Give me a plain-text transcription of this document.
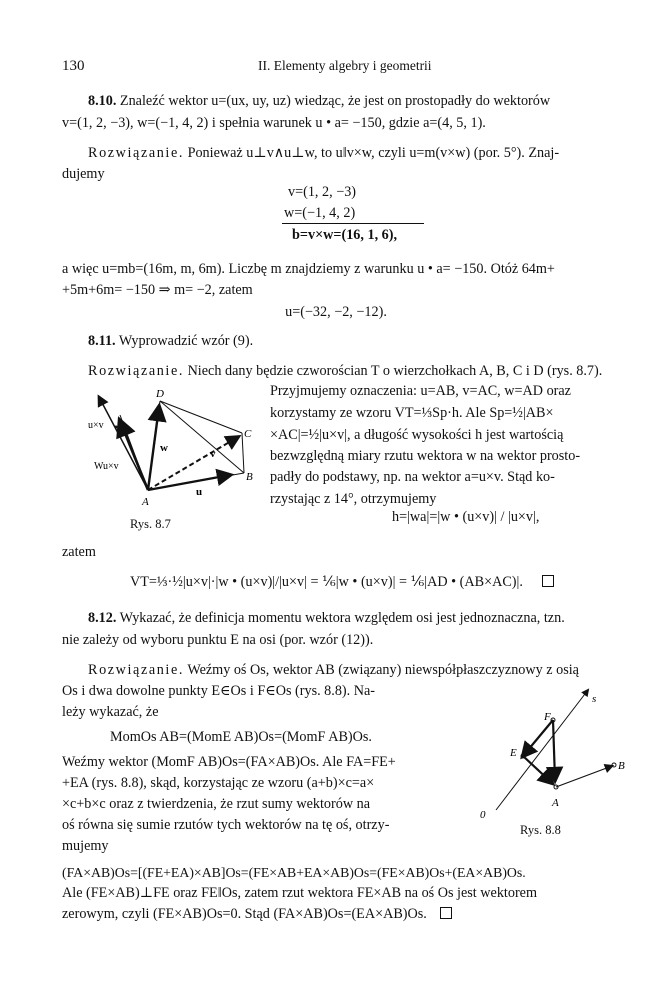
130	II. Elementy algebry i geometrii
8.10. Znaleźć wektor u=(ux, uy, uz) wiedząc, że jest on prostopadły do wektorów
v=(1, 2, −3), w=(−1, 4, 2) i spełnia warunek u • a= −150, gdzie a=(4, 5, 1).
Rozwiązanie. Ponieważ u⊥v∧u⊥w, to u‖v×w, czyli u=m(v×w) (por. 5°). Znaj-
dujemy
v=(1, 2, −3)
w=(−1, 4, 2)
b=v×w=(16, 1, 6),
a więc u=mb=(16m, m, 6m). Liczbę m znajdziemy z warunku u • a= −150. Otóż 64m+
+5m+6m= −150 ⇒ m= −2, zatem
u=(−32, −2, −12).
8.11. Wyprowadzić wzór (9).
Rozwiązanie. Niech dany będzie czworościan T o wierzchołkach A, B, C i D (rys. 8.7).
Przyjmujemy oznaczenia: u=AB, v=AC, w=AD oraz
korzystamy ze wzoru VT=⅓Sp·h. Ale Sp=½|AB×
×AC|=½|u×v|, a długość wysokości h jest wartością
bezwzględną miary rzutu wektora w na wektor prosto-
padły do podstawy, np. na wektor a=u×v. Stąd ko-
rzystając z 14°, otrzymujemy
h=|wa|=|w • (u×v)| / |u×v|,
u×v
Wu×v
w	v
u
A
B
C
D
Rys. 8.7
zatem
VT=⅓·½|u×v|·|w • (u×v)|/|u×v| = ⅙|w • (u×v)| = ⅙|AD • (AB×AC)|.
8.12. Wykazać, że definicja momentu wektora względem osi jest jednoznaczna, tzn.
nie zależy od wyboru punktu E na osi (por. wzór (12)).
Rozwiązanie. Weźmy oś Os, wektor AB (związany) niewspółpłaszczyznowy z osią
Os i dwa dowolne punkty E∈Os i F∈Os (rys. 8.8). Na-
leży wykazać, że
MomOs AB=(MomE AB)Os=(MomF AB)Os.
Weźmy wektor (MomF AB)Os=(FA×AB)Os. Ale FA=FE+
+EA (rys. 8.8), skąd, korzystając ze wzoru (a+b)×c=a×
×c+b×c oraz z twierdzenia, że rzut sumy wektorów na
oś równa się sumie rzutów tych wektorów na tę oś, otrzy-
mujemy
s
F
E
B
A
0
Rys. 8.8
(FA×AB)Os=[(FE+EA)×AB]Os=(FE×AB+EA×AB)Os=(FE×AB)Os+(EA×AB)Os.
Ale (FE×AB)⊥FE oraz FE‖Os, zatem rzut wektora FE×AB na oś Os jest wektorem
zerowym, czyli (FE×AB)Os=0. Stąd (FA×AB)Os=(EA×AB)Os.
